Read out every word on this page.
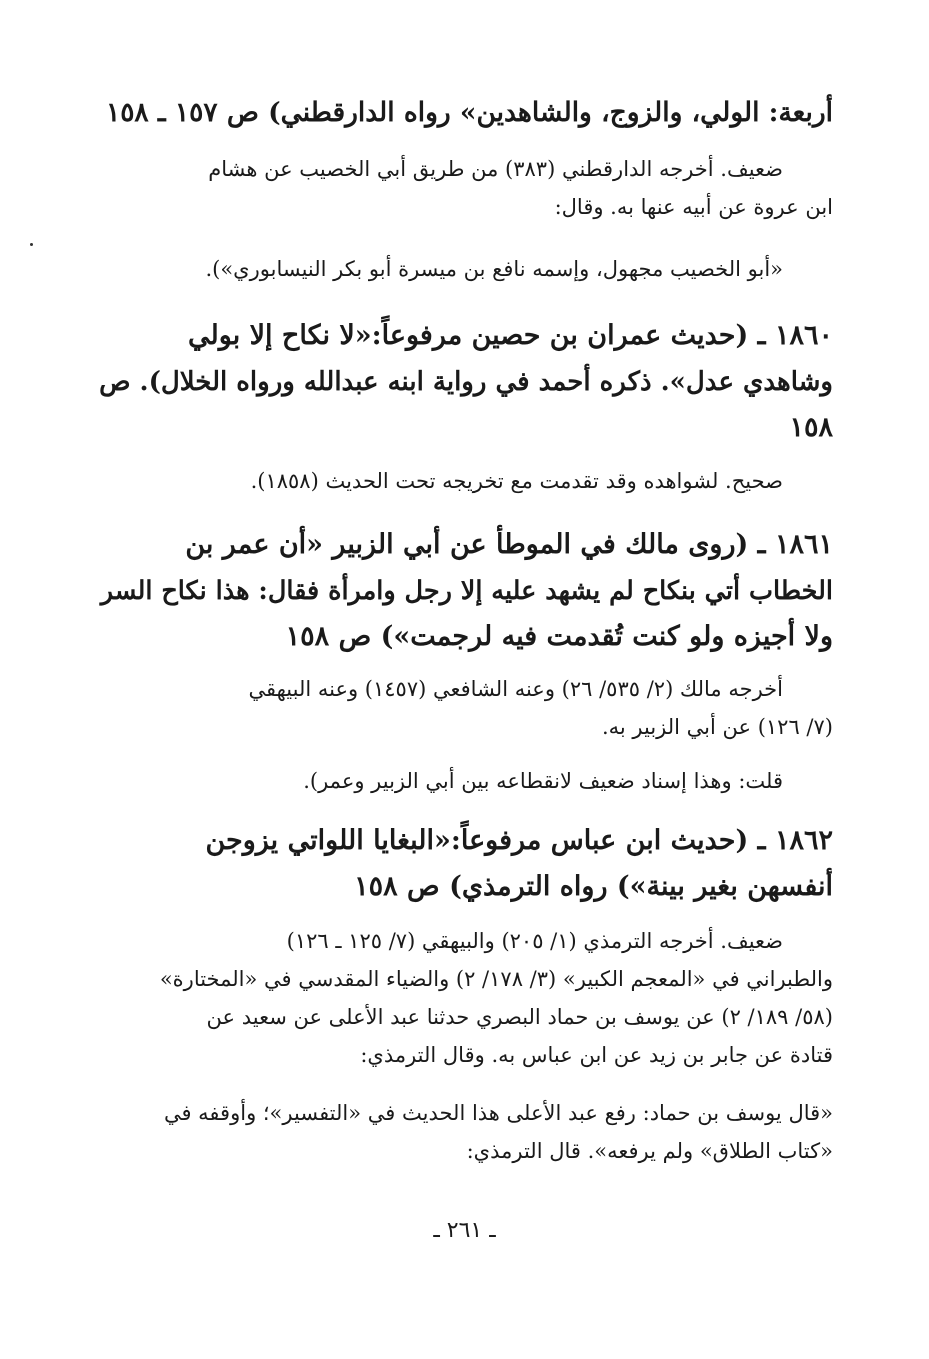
أربعة: الولي، والزوج، والشاهدين» رواه الدارقطني) ص ١٥٧ ـ ١٥٨
ضعيف. أخرجه الدارقطني (٣٨٣) من طريق أبي الخصيب عن هشام
ابن عروة عن أبيه عنها به. وقال:
«أبو الخصيب مجهول، وإسمه نافع بن ميسرة أبو بكر النيسابوري»).
١٨٦٠ ـ (حديث عمران بن حصين مرفوعاً:«لا نكاح إلا بولي
وشاهدي عدل». ذكره أحمد في رواية ابنه عبدالله ورواه الخلال). ص
١٥٨
صحيح. لشواهده وقد تقدمت مع تخريجه تحت الحديث (١٨٥٨).
١٨٦١ ـ (روى مالك في الموطأ عن أبي الزبير «أن عمر بن
الخطاب أتي بنكاح لم يشهد عليه إلا رجل وامرأة فقال: هذا نكاح السر
ولا أجيزه ولو كنت تُقدمت فيه لرجمت») ص ١٥٨
أخرجه مالك (٢/ ٥٣٥/ ٢٦) وعنه الشافعي (١٤٥٧) وعنه البيهقي
(٧/ ١٢٦) عن أبي الزبير به.
قلت: وهذا إسناد ضعيف لانقطاعه بين أبي الزبير وعمر).
١٨٦٢ ـ (حديث ابن عباس مرفوعاً:«البغايا اللواتي يزوجن
أنفسهن بغير بينة») رواه الترمذي) ص ١٥٨
ضعيف. أخرجه الترمذي (١/ ٢٠٥) والبيهقي (٧/ ١٢٥ ـ ١٢٦)
والطبراني في «المعجم الكبير» (٣/ ١٧٨/ ٢) والضياء المقدسي في «المختارة»
(٥٨/ ١٨٩/ ٢) عن يوسف بن حماد البصري حدثنا عبد الأعلى عن سعيد عن
قتادة عن جابر بن زيد عن ابن عباس به. وقال الترمذي:
«قال يوسف بن حماد: رفع عبد الأعلى هذا الحديث في «التفسير»؛ وأوقفه في
«كتاب الطلاق» ولم يرفعه». قال الترمذي:
ـ ٢٦١ ـ
